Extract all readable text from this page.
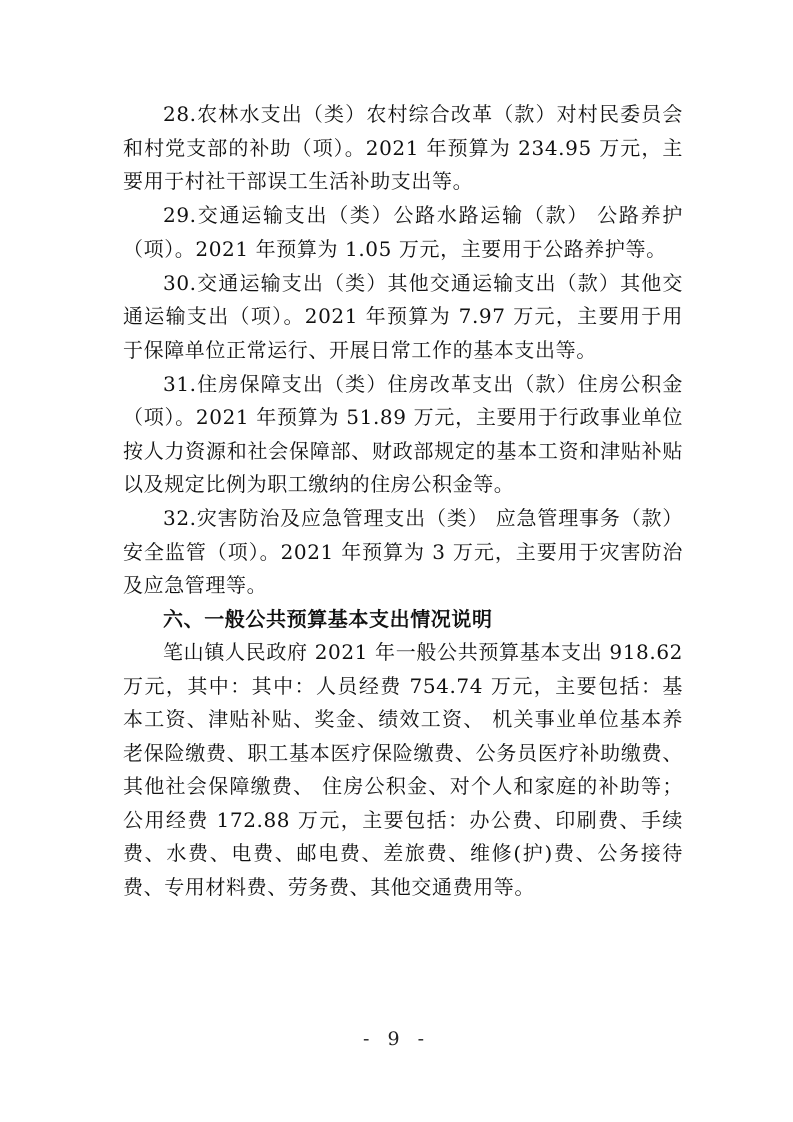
28.农林水支出（类）农村综合改革（款）对村民委员会和村党支部的补助（项）。2021 年预算为 234.95 万元，主要用于村社干部误工生活补助支出等。

29.交通运输支出（类）公路水路运输（款） 公路养护（项）。2021 年预算为 1.05 万元，主要用于公路养护等。

30.交通运输支出（类）其他交通运输支出（款）其他交通运输支出（项）。2021 年预算为 7.97 万元，主要用于用于保障单位正常运行、开展日常工作的基本支出等。

31.住房保障支出（类）住房改革支出（款）住房公积金（项）。2021 年预算为 51.89 万元，主要用于行政事业单位按人力资源和社会保障部、财政部规定的基本工资和津贴补贴以及规定比例为职工缴纳的住房公积金等。

32.灾害防治及应急管理支出（类） 应急管理事务（款）安全监管（项）。2021 年预算为 3 万元，主要用于灾害防治及应急管理等。

六、一般公共预算基本支出情况说明

笔山镇人民政府 2021 年一般公共预算基本支出 918.62 万元，其中：其中：人员经费 754.74 万元，主要包括：基本工资、津贴补贴、奖金、绩效工资、 机关事业单位基本养老保险缴费、职工基本医疗保险缴费、公务员医疗补助缴费、 其他社会保障缴费、 住房公积金、对个人和家庭的补助等；公用经费 172.88 万元，主要包括：办公费、印刷费、手续费、水费、电费、邮电费、差旅费、维修(护)费、公务接待费、专用材料费、劳务费、其他交通费用等。

- 9 -
